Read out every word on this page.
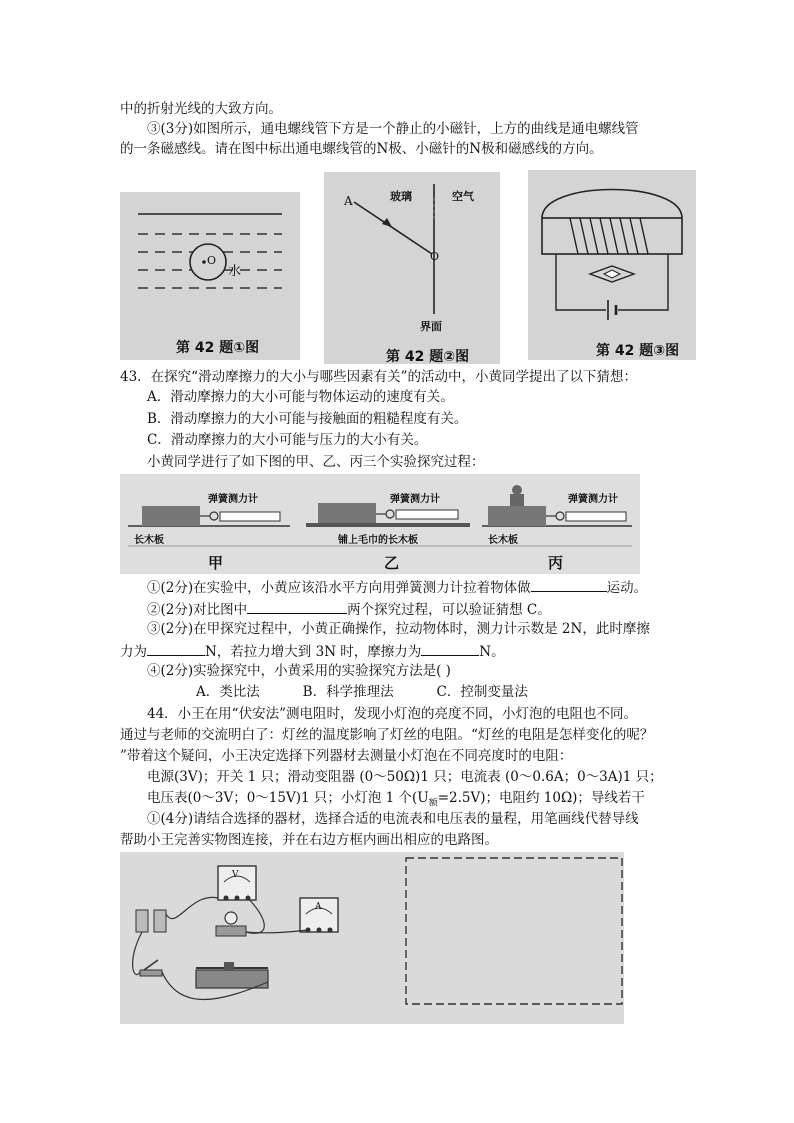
中的折射光线的大致方向。
③(3分)如图所示，通电螺线管下方是一个静止的小磁针，上方的曲线是通电螺线管
的一条磁感线。请在图中标出通电螺线管的N极、小磁针的N极和磁感线的方向。
O
水
第 42 题①图
A	玻璃	空气
O
界面
第 42 题②图	第 42 题③图
43．在探究“滑动摩擦力的大小与哪些因素有关”的活动中，小黄同学提出了以下猜想：
A．滑动摩擦力的大小可能与物体运动的速度有关。
B．滑动摩擦力的大小可能与接触面的粗糙程度有关。
C．滑动摩擦力的大小可能与压力的大小有关。
小黄同学进行了如下图的甲、乙、丙三个实验探究过程：
弹簧测力计	弹簧测力计	弹簧测力计
长木板	铺上毛巾的长木板	长木板
甲	乙	丙
①(2分)在实验中，小黄应该沿水平方向用弹簧测力计拉着物体做	运动。
②(2分)对比图中	两个探究过程，可以验证猜想 C。
③(2分)在甲探究过程中，小黄正确操作，拉动物体时，测力计示数是 2N，此时摩擦
力为	N，若拉力增大到 3N 时，摩擦力为	N。
④(2分)实验探究中，小黄采用的实验探究方法是( )
A．类比法          B．科学推理法          C．控制变量法
44．小王在用“伏安法”测电阻时，发现小灯泡的亮度不同，小灯泡的电阻也不同。
通过与老师的交流明白了：灯丝的温度影响了灯丝的电阻。“灯丝的电阻是怎样变化的呢？
”带着这个疑问，小王决定选择下列器材去测量小灯泡在不同亮度时的电阻：
电源(3V)；开关 1 只；滑动变阻器 (0～50Ω)1 只；电流表 (0～0.6A；0～3A)1 只；
电压表(0～3V；0～15V)1 只；小灯泡 1 个$(U_额=2.5V)$；电阻约 10Ω)；导线若干
①(4分)请结合选择的器材，选择合适的电流表和电压表的量程，用笔画线代替导线
帮助小王完善实物图连接，并在右边方框内画出相应的电路图。
V
A
